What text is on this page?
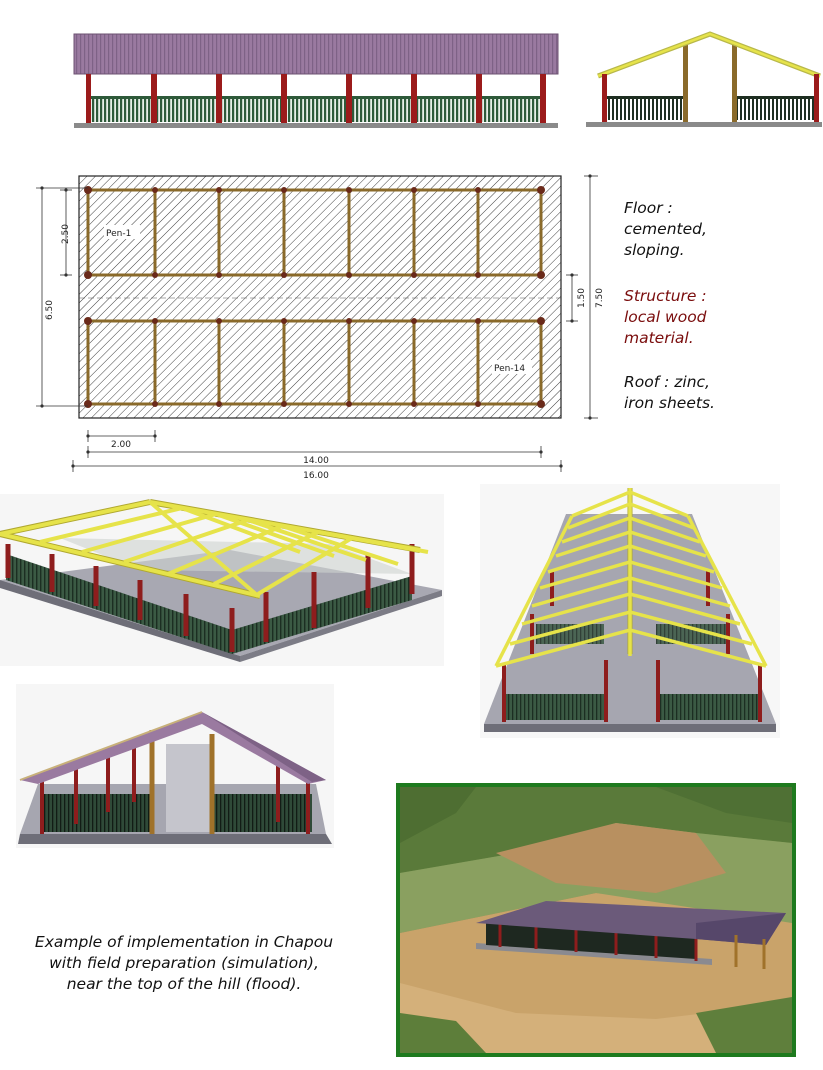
Pen-1
Pen-14
6.50
2.50
1.50 7.50
2.00
14.00
16.00
Floor :
cemented,
sloping.
Structure :
local wood
material.
Roof : zinc,
iron sheets.
Example of implementation in Chapou
with field preparation (simulation),
near the top of the hill (flood).
